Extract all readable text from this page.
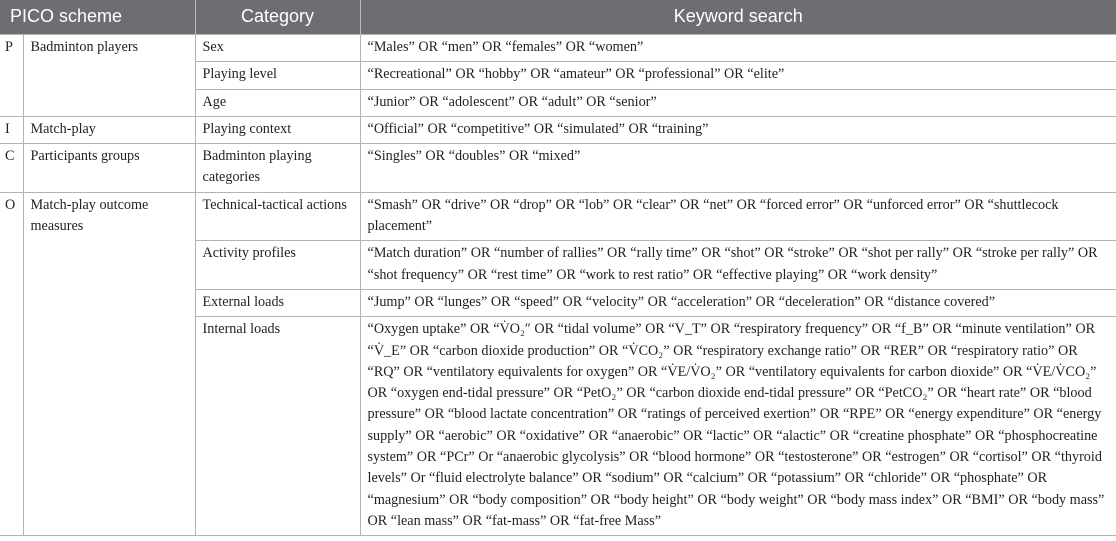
PICO scheme		Category	Keyword search
P	Badminton players	Sex	“Males” OR “men” OR “females” OR “women”
		Playing level	“Recreational” OR “hobby” OR “amateur” OR “professional” OR “elite”
		Age	“Junior” OR “adolescent” OR “adult” OR “senior”
I	Match-play	Playing context	“Official” OR “competitive” OR “simulated” OR “training”
C	Participants groups	Badminton playing categories	“Singles” OR “doubles” OR “mixed”
O	Match-play outcome measures	Technical-tactical actions	“Smash” OR “drive” OR “drop” OR “lob” OR “clear” OR “net” OR “forced error” OR “unforced error” OR “shuttlecock placement”
		Activity profiles	“Match duration” OR “number of rallies” OR “rally time” OR “shot” OR “stroke” OR “shot per rally” OR “stroke per rally” OR “shot frequency” OR “rest time” OR “work to rest ratio” OR “effective playing” OR “work density”
		External loads	“Jump” OR “lunges” OR “speed” OR “velocity” OR “acceleration” OR “deceleration” OR “distance covered”
		Internal loads	“Oxygen uptake” OR “V̇O₂″ OR “tidal volume” OR “V_T” OR “respiratory frequency” OR “f_B” OR “minute ventilation” OR “V̇_E” OR “carbon dioxide production” OR “V̇CO₂” OR “respiratory exchange ratio” OR “RER” OR “respiratory ratio” OR “RQ” OR “ventilatory equivalents for oxygen” OR “V̇E/V̇O₂” OR “ventilatory equivalents for carbon dioxide” OR “V̇E/V̇CO₂” OR “oxygen end-tidal pressure” OR “PetO₂” OR “carbon dioxide end-tidal pressure” OR “PetCO₂” OR “heart rate” OR “blood pressure” OR “blood lactate concentration” OR “ratings of perceived exertion” OR “RPE” OR “energy expenditure” OR “energy supply” OR “aerobic” OR “oxidative” OR “anaerobic” OR “lactic” OR “alactic” OR “creatine phosphate” OR “phosphocreatine system” OR “PCr” Or “anaerobic glycolysis” OR “blood hormone” OR “testosterone” OR “estrogen” OR “cortisol” OR “thyroid levels” Or “fluid electrolyte balance” OR “sodium” OR “calcium” OR “potassium” OR “chloride” OR “phosphate” OR “magnesium” OR “body composition” OR “body height” OR “body weight” OR “body mass index” OR “BMI” OR “body mass” OR “lean mass” OR “fat-mass” OR “fat-free Mass”
